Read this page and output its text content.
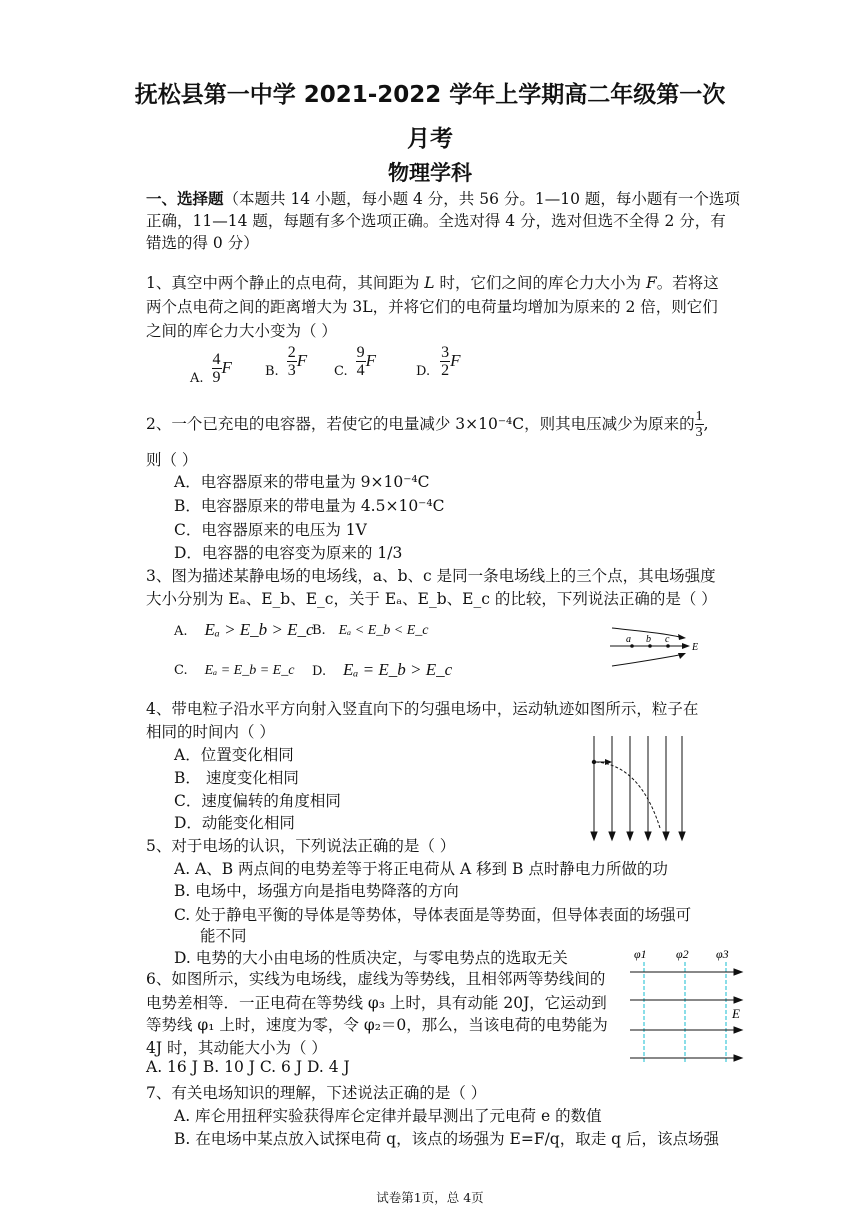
抚松县第一中学 2021-2022 学年上学期高二年级第一次
月考
物理学科
一、选择题（本题共 14 小题，每小题 4 分，共 56 分。1—10 题，每小题有一个选项
正确，11—14 题，每题有多个选项正确。全选对得 4 分，选对但选不全得 2 分，有
错选的得 0 分）
1、真空中两个静止的点电荷，其间距为 L 时，它们之间的库仑力大小为 F。若将这
两个点电荷之间的距离增大为 3L，并将它们的电荷量均增加为原来的 2 倍，则它们
之间的库仑力大小变为（ ）
A. $\frac{4}{9}$ F	B. $\frac{2}{3}$ F
C. $\frac{9}{4}$ F
D. $\frac{3}{2}$ F
2、一个已充电的电容器，若使它的电量减少 3×10⁻⁴C，则其电压减少为原来的 $\frac{1}{3}$ ,
则（ ）
A．电容器原来的带电量为 9×10⁻⁴C
B．电容器原来的带电量为 4.5×10⁻⁴C
C．电容器原来的电压为 1V
D．电容器的电容变为原来的 1/3
3、图为描述某静电场的电场线，a、b、c 是同一条电场线上的三个点，其电场强度
大小分别为 Eₐ、E_b、E_c，关于 Eₐ、E_b、E_c 的比较，下列说法正确的是（ ）
A. Eₐ > E_b > E_c
B. Eₐ < E_b < E_c
C. Eₐ = E_b = E_c D. Eₐ = E_b > E_c
a b c
E
4、带电粒子沿水平方向射入竖直向下的匀强电场中，运动轨迹如图所示，粒子在
相同的时间内（ ）
A．位置变化相同
B． 速度变化相同
C．速度偏转的角度相同
D．动能变化相同
5、对于电场的认识，下列说法正确的是（ ）
A. A、B 两点间的电势差等于将正电荷从 A 移到 B 点时静电力所做的功
B. 电场中，场强方向是指电势降落的方向
C. 处于静电平衡的导体是等势体，导体表面是等势面，但导体表面的场强可
能不同
D. 电势的大小由电场的性质决定，与零电势点的选取无关
6、如图所示，实线为电场线，虚线为等势线，且相邻两等势线间的
电势差相等．一正电荷在等势线 φ₃ 上时，具有动能 20J，它运动到
等势线 φ₁ 上时，速度为零，令 φ₂＝0，那么，当该电荷的电势能为
4J 时，其动能大小为（ ）
A. 16 J B. 10 J C. 6 J D. 4 J
φ1 φ2 φ3
E
7、有关电场知识的理解，下述说法正确的是（ ）
A. 库仑用扭秤实验获得库仑定律并最早测出了元电荷 e 的数值
B. 在电场中某点放入试探电荷 q，该点的场强为 E=F/q，取走 q 后，该点场强
试卷第1页，总 4页
